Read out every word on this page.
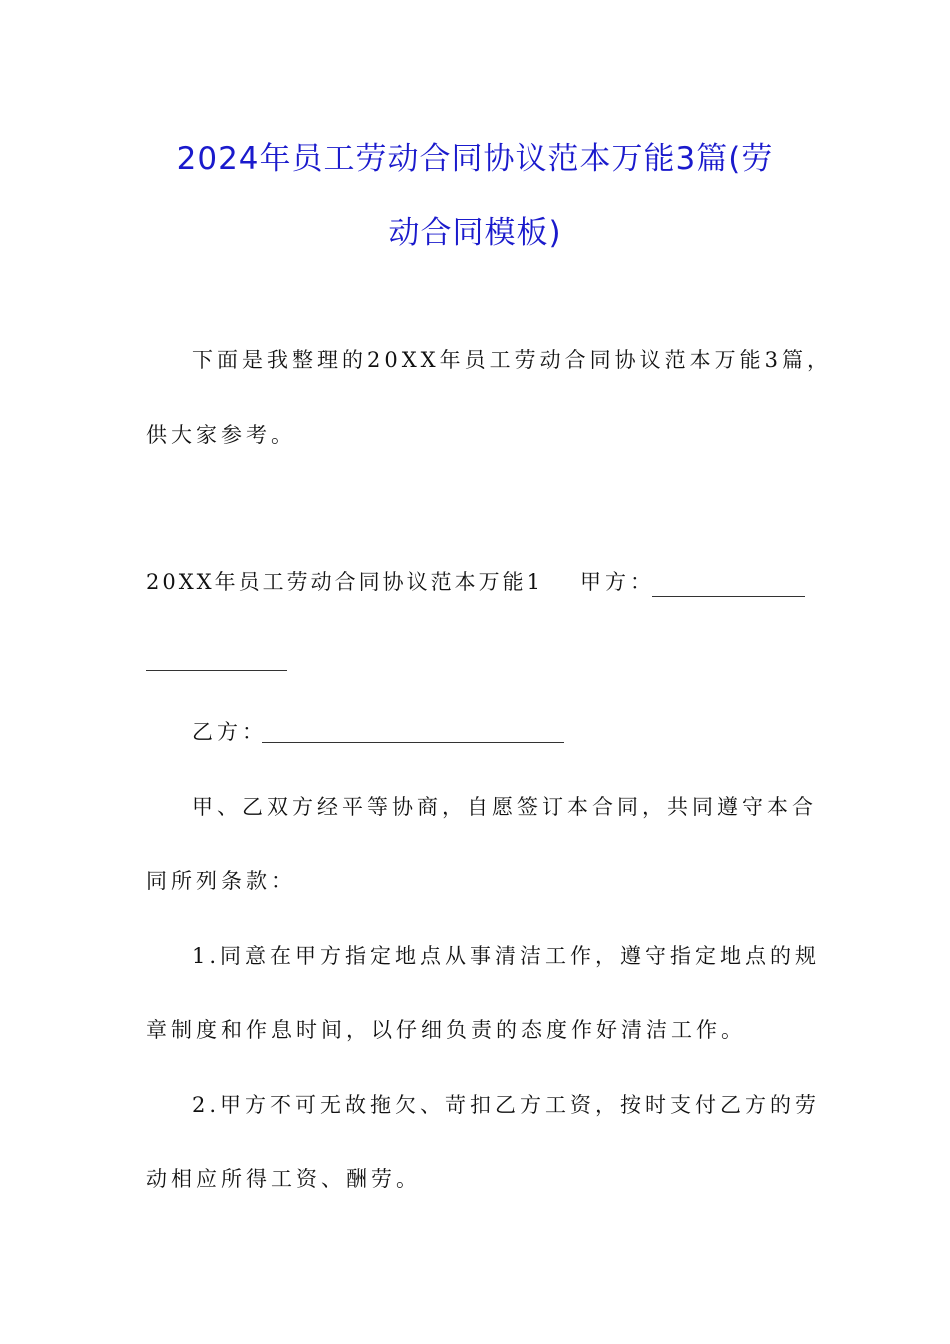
2024年员工劳动合同协议范本万能3篇(劳
动合同模板)
下面是我整理的20XX年员工劳动合同协议范本万能3篇，
供大家参考。
20XX年员工劳动合同协议范本万能1 甲方：
乙方：
甲、乙双方经平等协商，自愿签订本合同，共同遵守本合
同所列条款：
1.同意在甲方指定地点从事清洁工作，遵守指定地点的规
章制度和作息时间，以仔细负责的态度作好清洁工作。
2.甲方不可无故拖欠、苛扣乙方工资，按时支付乙方的劳
动相应所得工资、酬劳。
